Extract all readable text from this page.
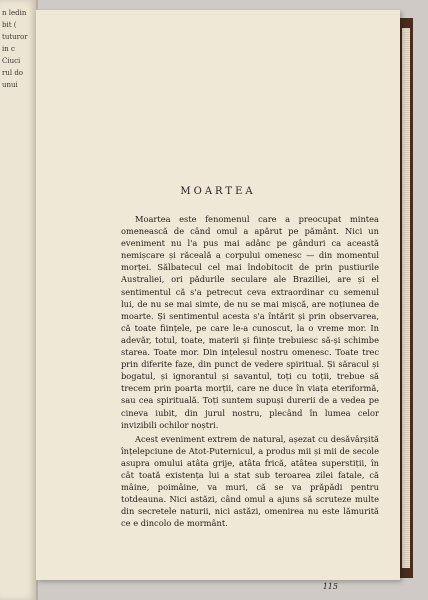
n ledin
bit (
tuturor
in c
Ciuci
rul do
unui
MOARTEA

Moartea este fenomenul care a preocupat mintea omenească de când omul a apărut pe pământ. Nici un eveniment nu l'a pus mai adânc pe gânduri ca această nemișcare și răceală a corpului omenesc — din momentul morței. Sălbatecul cel mai îndobitocit de prin pustiurile Australiei, ori pădurile seculare ale Braziliei, are și el sentimentul că s'a petrecut ceva extraordinar cu semenul lui, de nu se mai simte, de nu se mai mișcă, are noțiunea de moarte. Și sentimentul acesta s'a întărit și prin observarea, că toate ființele, pe care le-a cunoscut, la o vreme mor. In adevăr, totul, toate, materii și ființe trebuiesc să-și schimbe starea. Toate mor. Din ințelesul nostru omenesc. Toate trec prin diferite faze, din punct de vedere spiritual. Și săracul și bogatul, și ignorantul și savantul, toți cu toții, trebue să trecem prin poarta morții, care ne duce în viața eteriformă, sau cea spirituală. Toți suntem supuși durerii de a vedea pe cineva iubit, din jurul nostru, plecând în lumea celor invizibili ochilor noștri.

Acest eveniment extrem de natural, așezat cu desăvârșită înțelepciune de Atot-Puternicul, a produs mii și mii de secole asupra omului atâta grije, atâta frică, atâtea superstiții, în cât toată existența lui a stat sub teroarea zilei fatale, că mâine, poimâine, va muri, că se va prăpădi pentru totdeauna. Nici astăzi, când omul a ajuns să scruteze multe din secretele naturii, nici astăzi, omenirea nu este lămurită ce e dincolo de mormânt.

115
